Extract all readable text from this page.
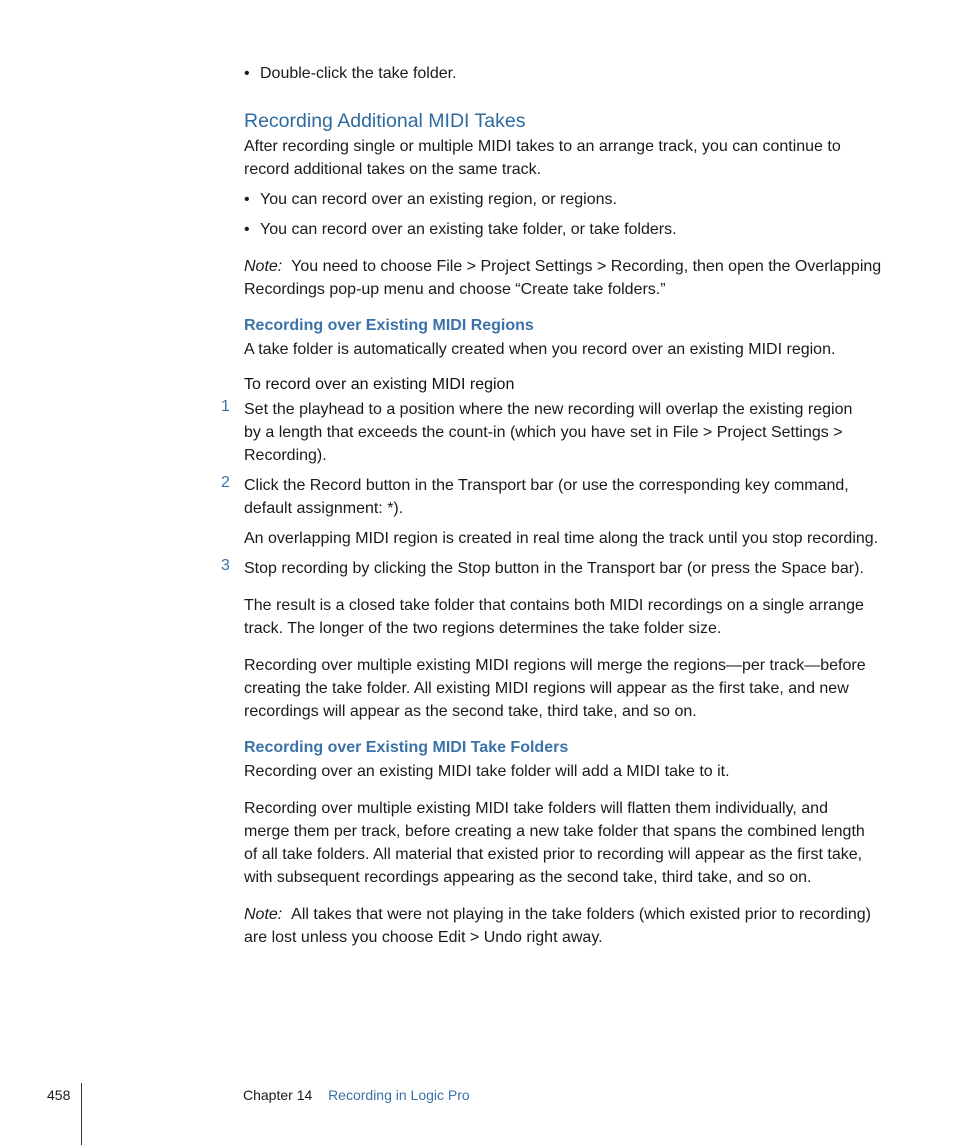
• Double-click the take folder.
Recording Additional MIDI Takes
After recording single or multiple MIDI takes to an arrange track, you can continue to
record additional takes on the same track.
• You can record over an existing region, or regions.
• You can record over an existing take folder, or take folders.
Note: You need to choose File > Project Settings > Recording, then open the Overlapping
Recordings pop-up menu and choose “Create take folders.”
Recording over Existing MIDI Regions
A take folder is automatically created when you record over an existing MIDI region.
To record over an existing MIDI region
1 Set the playhead to a position where the new recording will overlap the existing region
by a length that exceeds the count-in (which you have set in File > Project Settings >
Recording).
2 Click the Record button in the Transport bar (or use the corresponding key command,
default assignment: *).
An overlapping MIDI region is created in real time along the track until you stop recording.
3 Stop recording by clicking the Stop button in the Transport bar (or press the Space bar).
The result is a closed take folder that contains both MIDI recordings on a single arrange
track. The longer of the two regions determines the take folder size.
Recording over multiple existing MIDI regions will merge the regions—per track—before
creating the take folder. All existing MIDI regions will appear as the first take, and new
recordings will appear as the second take, third take, and so on.
Recording over Existing MIDI Take Folders
Recording over an existing MIDI take folder will add a MIDI take to it.
Recording over multiple existing MIDI take folders will flatten them individually, and
merge them per track, before creating a new take folder that spans the combined length
of all take folders. All material that existed prior to recording will appear as the first take,
with subsequent recordings appearing as the second take, third take, and so on.
Note: All takes that were not playing in the take folders (which existed prior to recording)
are lost unless you choose Edit > Undo right away.
458	Chapter 14 Recording in Logic Pro
